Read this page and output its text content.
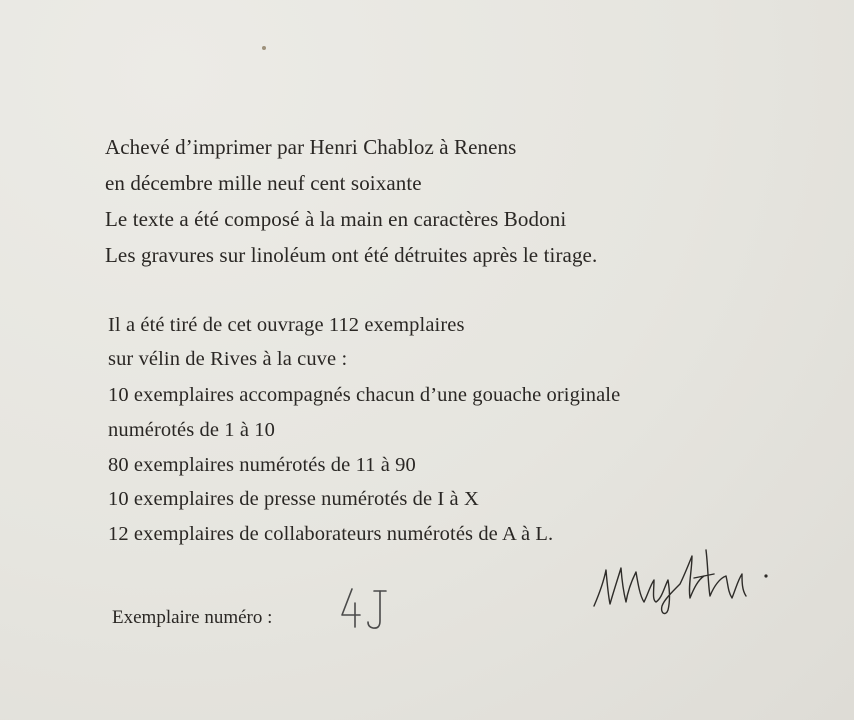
Achevé d’imprimer par Henri Chabloz à Renens
en décembre mille neuf cent soixante
Le texte a été composé à la main en caractères Bodoni
Les gravures sur linoléum ont été détruites après le tirage.
Il a été tiré de cet ouvrage 112 exemplaires
sur vélin de Rives à la cuve :
10 exemplaires accompagnés chacun d’une gouache originale
numérotés de 1 à 10
80 exemplaires numérotés de 11 à 90
10 exemplaires de presse numérotés de I à X
12 exemplaires de collaborateurs numérotés de A à L.
Exemplaire numéro :
